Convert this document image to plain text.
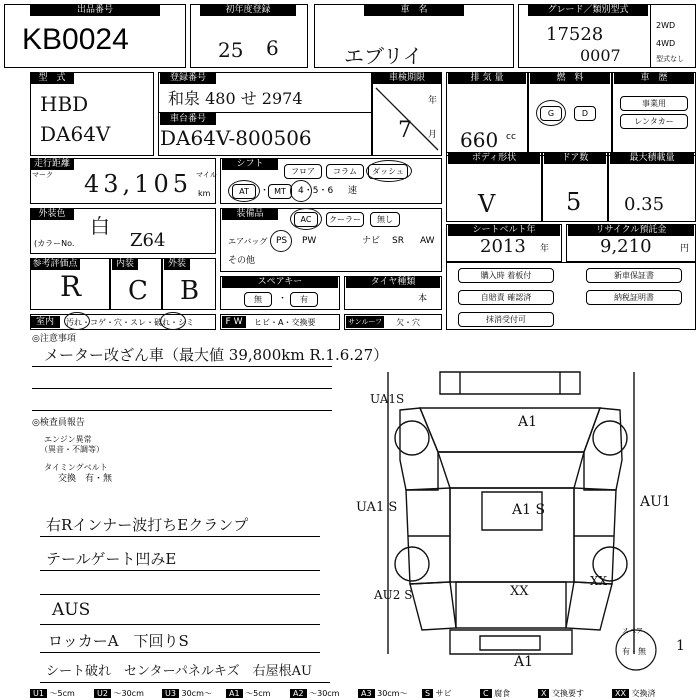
出品番号
KB0024
初年度登録
25 6
車　名
エブリイ
グレード／類別型式
17528
0007
2WD
4WD
型式なし
型　式
HBD
DA64V
登録番号
和泉 480 せ 2974
車台番号
DA64V-800506
車検期限
年
月
7
排 気 量
660 cc
燃　料
G	D
車　歴
事業用
レンタカー
走行距離
マーク 43,105 マイル
km
シフト
フロア	コラム	ダッシュ
AT	・ MT	4・5・6 速
ボディ形状
V
ドア数
5
最大積載量
0.35
外装色	白
(カラーNo.	Z64
装備品
AC	クーラー	無し
エアバッグ PS PW	ナビ SR AW
その他
シートベルト年
2013 年
リサイクル預託金
9,210	円
参考評価点
R
内装
C
外装
B	スペアキー
無	・	有
タイヤ種類
本
購入時 着板付
自賠責 確認済
抹消受付可
新車保証書
納税証明書
室内	汚れ・コゲ・穴・スレ・破れ・シミ	F W	ヒビ・A・交換要	サンルーフ 欠・穴
◎注意事項
メーター改ざん車（最大値 39,800km R.1.6.27）
◎検査員報告
エンジン異常
（異音・不調等）
タイミングベルト
交換　有・無
右Rインナー波打ちEクランプ
テールゲート凹みE
AUS
ロッカーA　下回りS
シート破れ　センターパネルキズ　右屋根AU
UA1S
A1
UA1 S	A1 S	AU1
AU2 S	XX
XX
A1
スペア
有・無 1
U1 ～5cm	U2 ～30cm	U3 30cm～	A1 ～5cm	A2 ～30cm	A3 30cm～	S サビ	C 腐食	X 交換要す	XX 交換済
